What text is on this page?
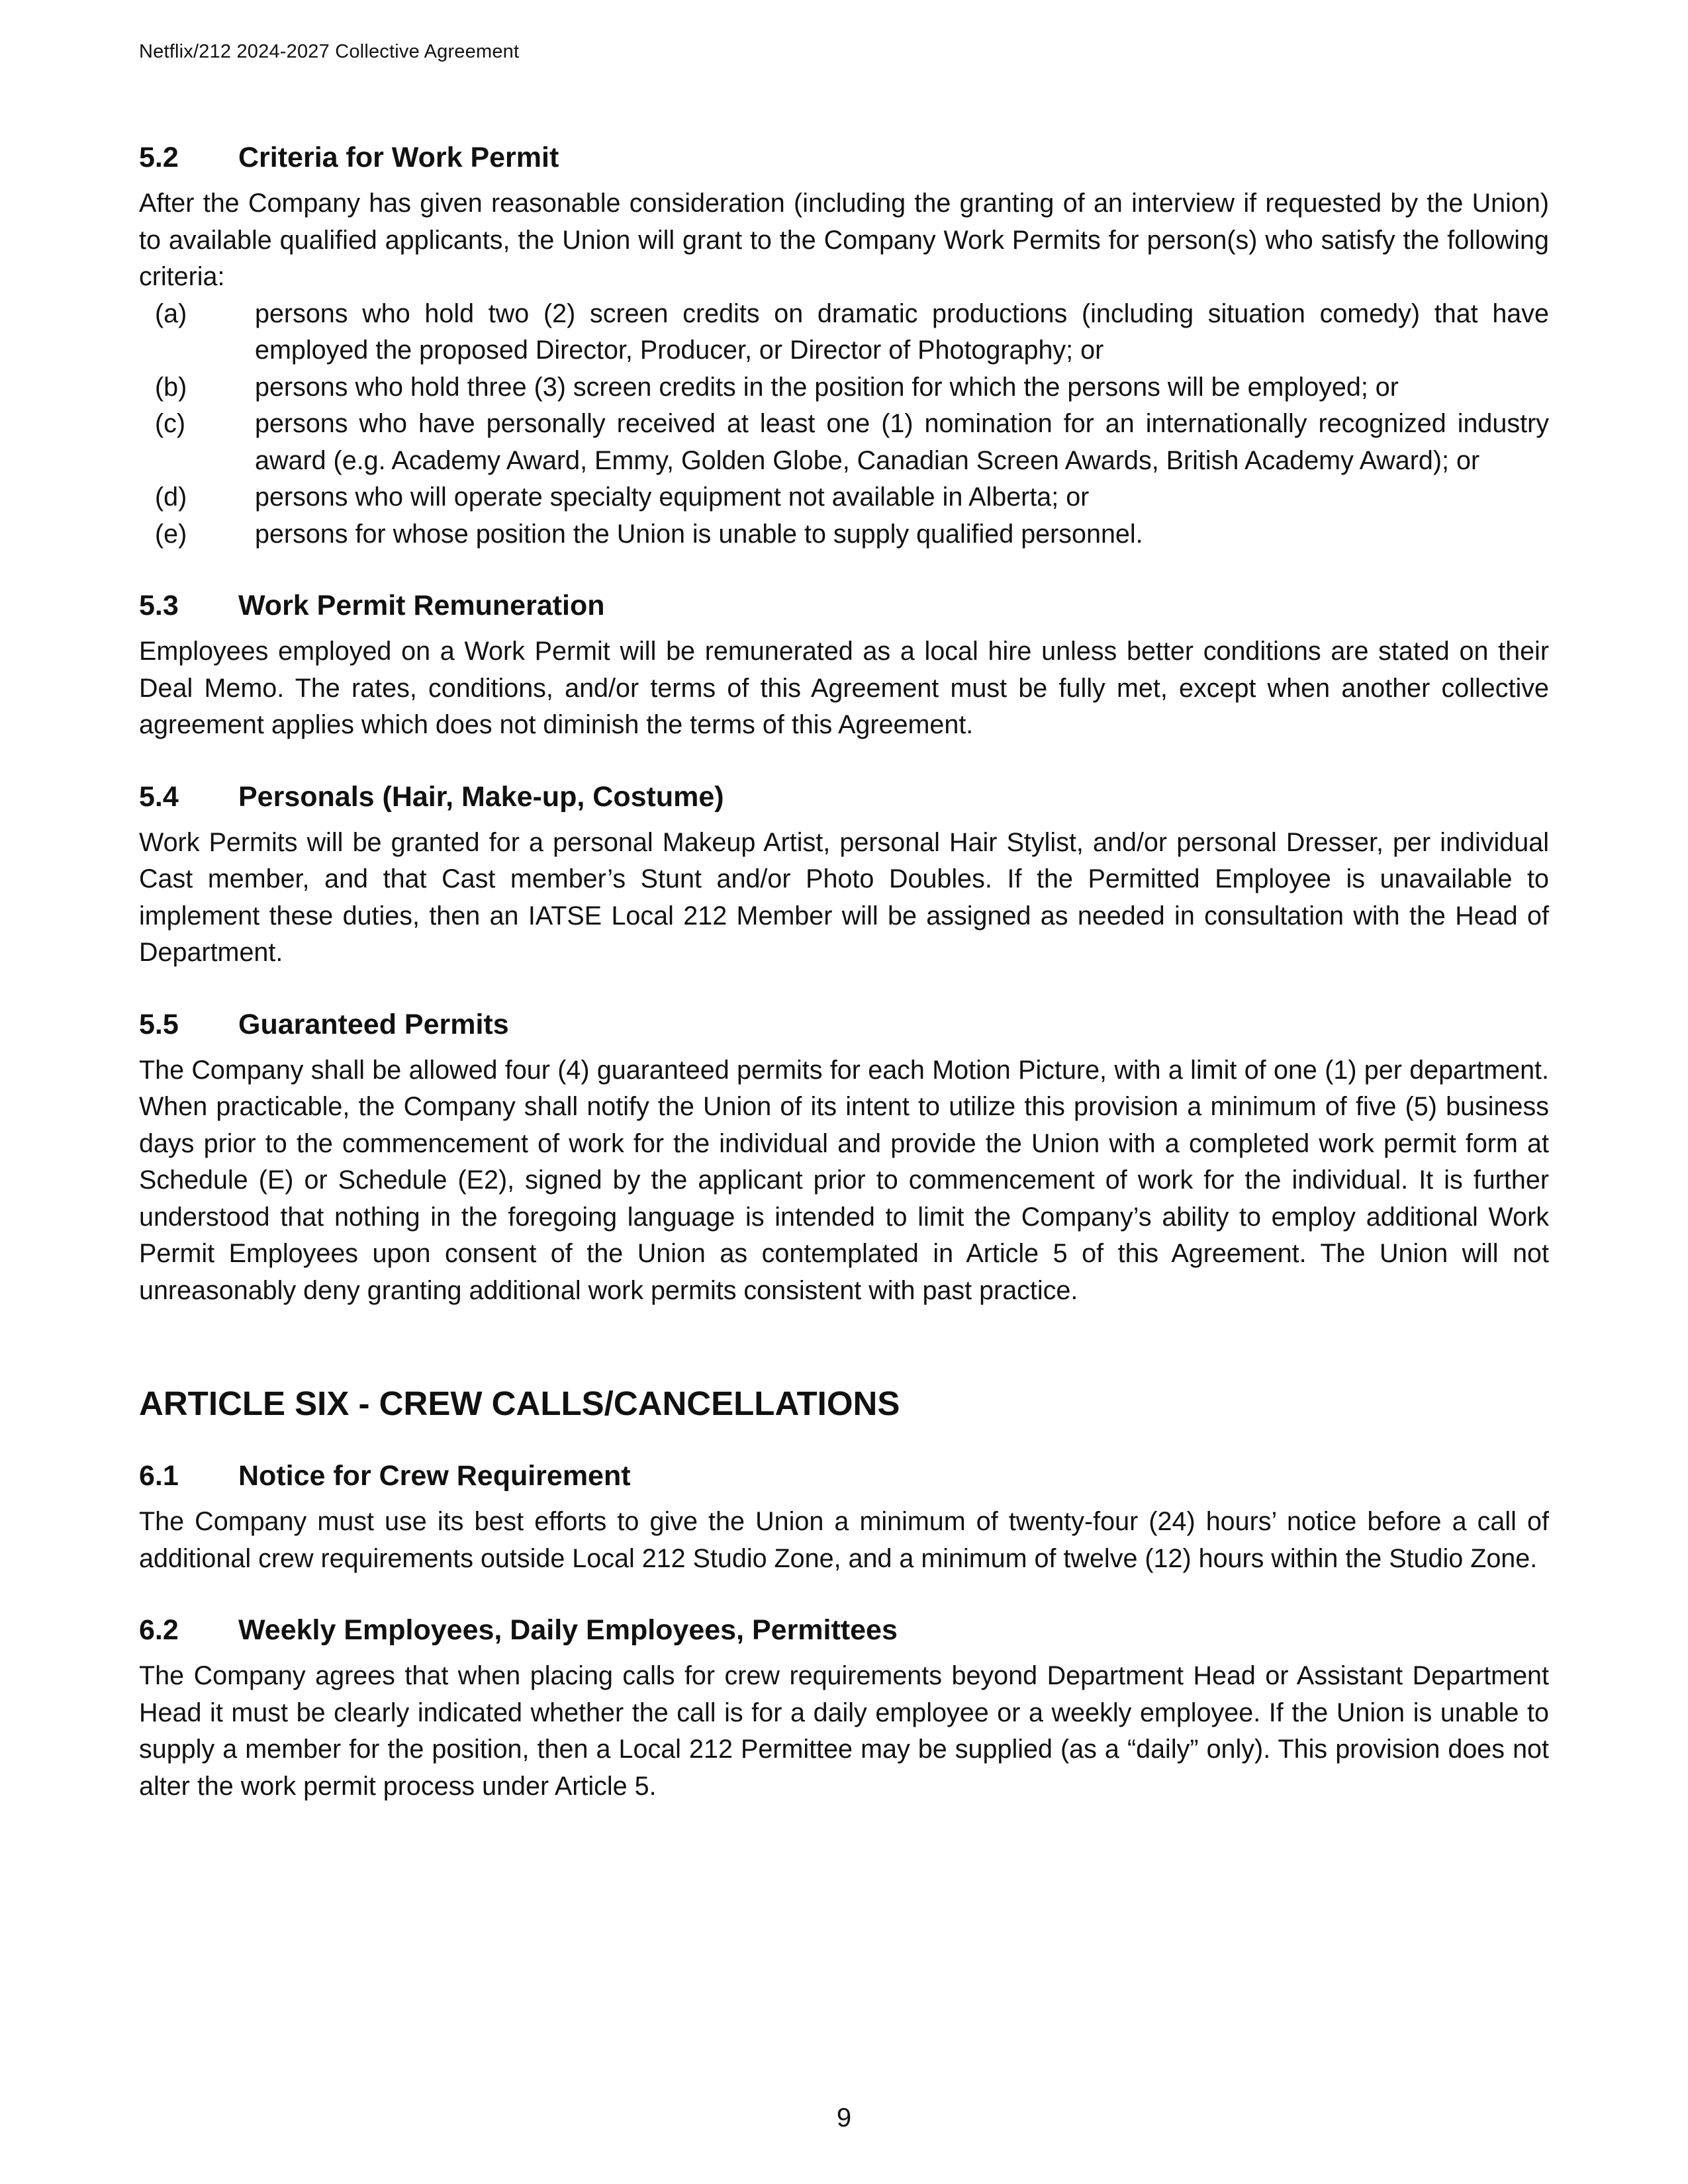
Netflix/212 2024-2027 Collective Agreement
5.2	Criteria for Work Permit

After the Company has given reasonable consideration (including the granting of an interview if requested by the Union) to available qualified applicants, the Union will grant to the Company Work Permits for person(s) who satisfy the following criteria:

(a)	persons who hold two (2) screen credits on dramatic productions (including situation comedy) that have employed the proposed Director, Producer, or Director of Photography; or
(b)	persons who hold three (3) screen credits in the position for which the persons will be employed; or
(c)	persons who have personally received at least one (1) nomination for an internationally recognized industry award (e.g. Academy Award, Emmy, Golden Globe, Canadian Screen Awards, British Academy Award); or
(d)	persons who will operate specialty equipment not available in Alberta; or
(e)	persons for whose position the Union is unable to supply qualified personnel.
5.3	Work Permit Remuneration

Employees employed on a Work Permit will be remunerated as a local hire unless better conditions are stated on their Deal Memo. The rates, conditions, and/or terms of this Agreement must be fully met, except when another collective agreement applies which does not diminish the terms of this Agreement.

5.4	Personals (Hair, Make-up, Costume)

Work Permits will be granted for a personal Makeup Artist, personal Hair Stylist, and/or personal Dresser, per individual Cast member, and that Cast member’s Stunt and/or Photo Doubles. If the Permitted Employee is unavailable to implement these duties, then an IATSE Local 212 Member will be assigned as needed in consultation with the Head of Department.

5.5	Guaranteed Permits

The Company shall be allowed four (4) guaranteed permits for each Motion Picture, with a limit of one (1) per department. When practicable, the Company shall notify the Union of its intent to utilize this provision a minimum of five (5) business days prior to the commencement of work for the individual and provide the Union with a completed work permit form at Schedule (E) or Schedule (E2), signed by the applicant prior to commencement of work for the individual. It is further understood that nothing in the foregoing language is intended to limit the Company’s ability to employ additional Work Permit Employees upon consent of the Union as contemplated in Article 5 of this Agreement. The Union will not unreasonably deny granting additional work permits consistent with past practice.

ARTICLE SIX - CREW CALLS/CANCELLATIONS
6.1	Notice for Crew Requirement

The Company must use its best efforts to give the Union a minimum of twenty-four (24) hours’ notice before a call of additional crew requirements outside Local 212 Studio Zone, and a minimum of twelve (12) hours within the Studio Zone.

6.2	Weekly Employees, Daily Employees, Permittees

The Company agrees that when placing calls for crew requirements beyond Department Head or Assistant Department Head it must be clearly indicated whether the call is for a daily employee or a weekly employee. If the Union is unable to supply a member for the position, then a Local 212 Permittee may be supplied (as a “daily” only). This provision does not alter the work permit process under Article 5.

9
